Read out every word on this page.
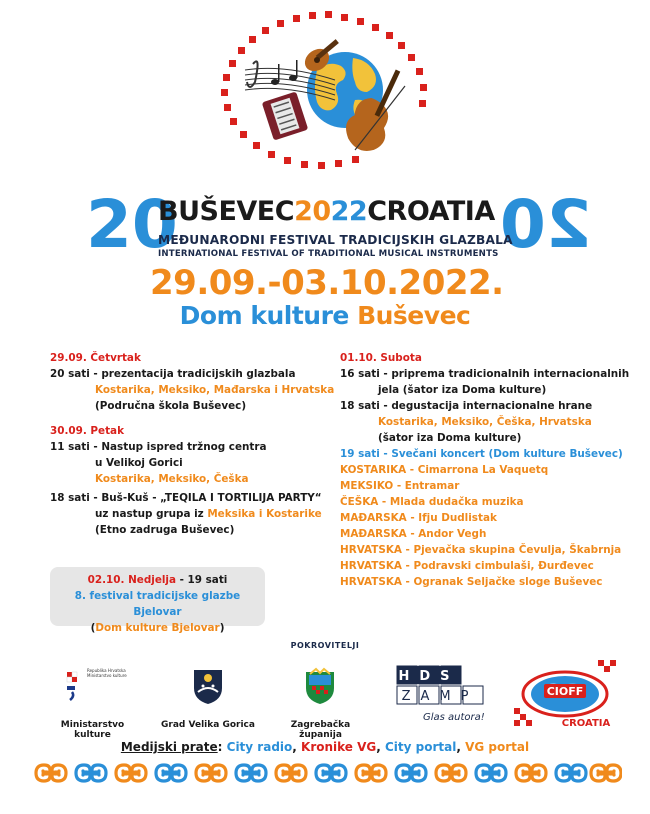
20	20
BUŠEVEC2022CROATIA
MEĐUNARODNI FESTIVAL TRADICIJSKIH GLAZBALA
INTERNATIONAL FESTIVAL OF TRADITIONAL MUSICAL INSTRUMENTS
29.09.-03.10.2022.
Dom kulture Buševec
29.09. Četvrtak
20 sati - prezentacija tradicijskih glazbala
Kostarika, Meksiko, Mađarska i Hrvatska
(Područna škola Buševec)
30.09. Petak
11 sati - Nastup ispred tržnog centra
u Velikoj Gorici
Kostarika, Meksiko, Češka
18 sati - Buš-Kuš - „TEQILA I TORTILIJA PARTY“
uz nastup grupa iz Meksika i Kostarike
(Etno zadruga Buševec)
01.10. Subota
16 sati - priprema tradicionalnih internacionalnih
jela (šator iza Doma kulture)
18 sati - degustacija internacionalne hrane
Kostarika, Meksiko, Češka, Hrvatska
(šator iza Doma kulture)
19 sati - Svečani koncert (Dom kulture Buševec)
KOSTARIKA - Cimarrona La Vaquetq
MEKSIKO - Entramar
ČEŠKA - Mlada dudačka muzika
MAĐARSKA - Ifju Dudlistak
MAĐARSKA - Andor Vegh
HRVATSKA - Pjevačka skupina Čevulja, Škabrnja
HRVATSKA - Podravski cimbulaši, Đurđevec
HRVATSKA - Ogranak Seljačke sloge Buševec
02.10. Nedjelja - 19 sati
8. festival tradicijske glazbe Bjelovar
(Dom kulture Bjelovar)
POKROVITELJI
Republika Hrvatska Ministarstvo kulture
Ministarstvo kulture
Grad Velika Gorica	Zagrebačka županija
HDS
ZAMP
Glas autora!
CIOFF
CROATIA
Medijski prate: City radio, Kronike VG, City portal, VG portal
